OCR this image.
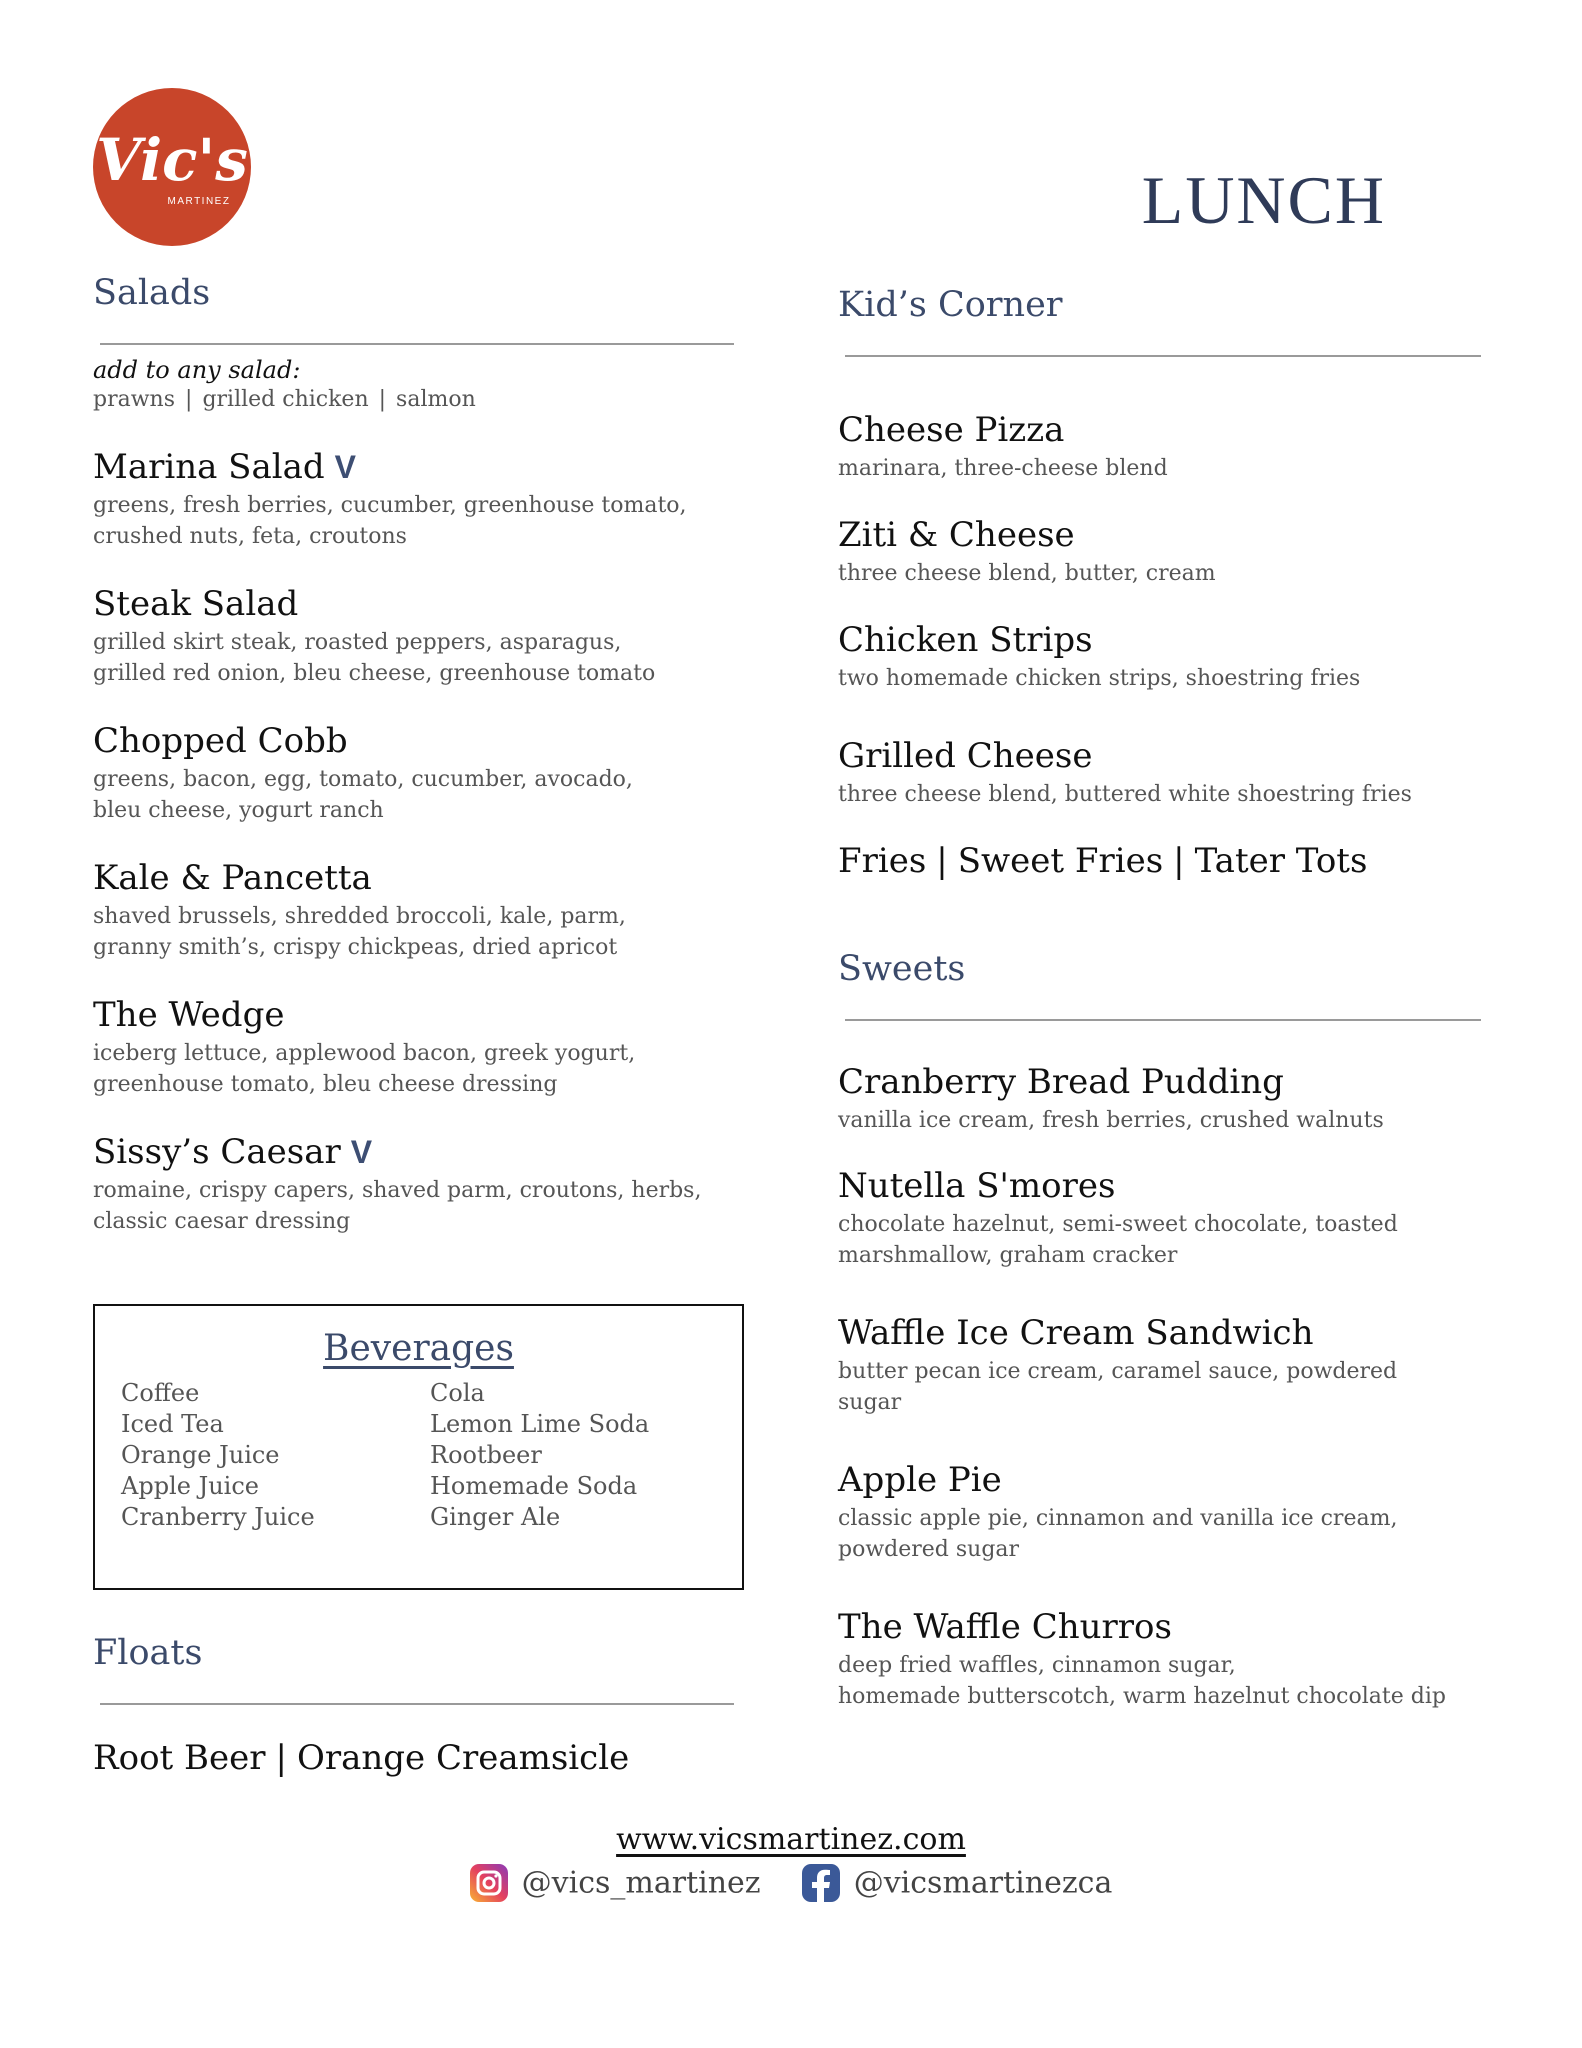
Vic's
MARTINEZ	LUNCH
Salads

add to any salad:

prawns | grilled chicken | salmon

Marina Salad V

greens, fresh berries, cucumber, greenhouse tomato,
crushed nuts, feta, croutons

Steak Salad

grilled skirt steak, roasted peppers, asparagus,
grilled red onion, bleu cheese, greenhouse tomato

Chopped Cobb

greens, bacon, egg, tomato, cucumber, avocado,
bleu cheese, yogurt ranch

Kale & Pancetta

shaved brussels, shredded broccoli, kale, parm,
granny smith’s, crispy chickpeas, dried apricot

The Wedge

iceberg lettuce, applewood bacon, greek yogurt,
greenhouse tomato, bleu cheese dressing

Sissy’s Caesar V

romaine, crispy capers, shaved parm, croutons, herbs,
classic caesar dressing

Beverages
Coffee
Iced Tea
Orange Juice
Apple Juice
Cranberry Juice
Cola
Lemon Lime Soda
Rootbeer
Homemade Soda
Ginger Ale
Floats

Root Beer | Orange Creamsicle

Kid’s Corner

Cheese Pizza

marinara, three-cheese blend

Ziti & Cheese

three cheese blend, butter, cream

Chicken Strips

two homemade chicken strips, shoestring fries

Grilled Cheese

three cheese blend, buttered white shoestring fries

Fries | Sweet Fries | Tater Tots

Sweets

Cranberry Bread Pudding

vanilla ice cream, fresh berries, crushed walnuts

Nutella S'mores

chocolate hazelnut, semi-sweet chocolate, toasted
marshmallow, graham cracker

Waffle Ice Cream Sandwich

butter pecan ice cream, caramel sauce, powdered
sugar

Apple Pie

classic apple pie, cinnamon and vanilla ice cream,
powdered sugar

The Waffle Churros

deep fried waffles, cinnamon sugar,
homemade butterscotch, warm hazelnut chocolate dip

www.vicsmartinez.com
@vics_martinez	@vicsmartinezca
